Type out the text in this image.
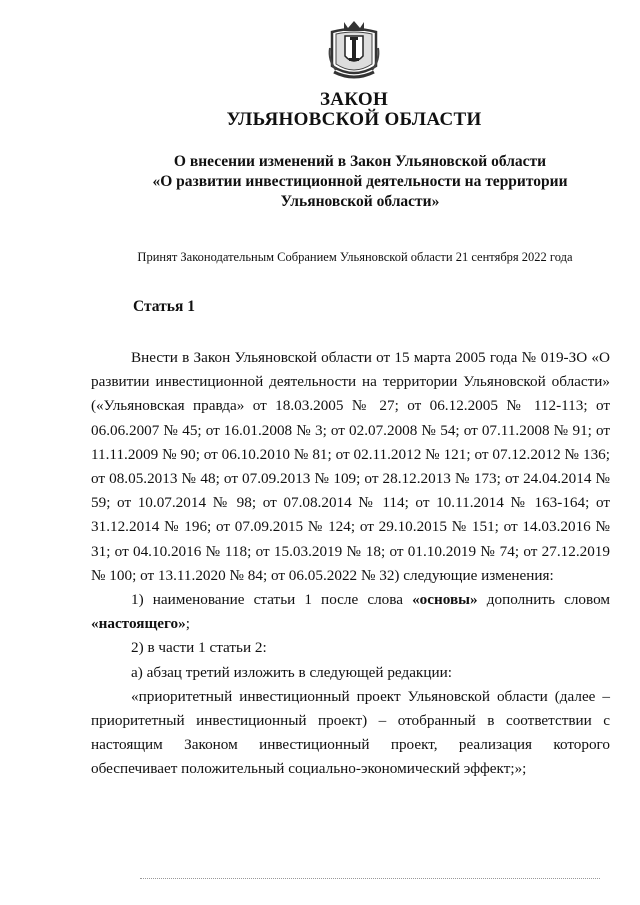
ЗАКОН
УЛЬЯНОВСКОЙ ОБЛАСТИ
О внесении изменений в Закон Ульяновской области
«О развитии инвестиционной деятельности на территории
Ульяновской области»
Принят Законодательным Собранием Ульяновской области 21 сентября 2022 года
Статья 1

Внести в Закон Ульяновской области от 15 марта 2005 года № 019-ЗО «О развитии инвестиционной деятельности на территории Ульяновской области» («Ульяновская правда» от 18.03.2005 № 27; от 06.12.2005 № 112-113; от 06.06.2007 № 45; от 16.01.2008 № 3; от 02.07.2008 № 54; от 07.11.2008 № 91; от 11.11.2009 № 90; от 06.10.2010 № 81; от 02.11.2012 № 121; от 07.12.2012 № 136; от 08.05.2013 № 48; от 07.09.2013 № 109; от 28.12.2013 № 173; от 24.04.2014 № 59; от 10.07.2014 № 98; от 07.08.2014 № 114; от 10.11.2014 № 163-164; от 31.12.2014 № 196; от 07.09.2015 № 124; от 29.10.2015 № 151; от 14.03.2016 № 31; от 04.10.2016 № 118; от 15.03.2019 № 18; от 01.10.2019 № 74; от 27.12.2019 № 100; от 13.11.2020 № 84; от 06.05.2022 № 32) следующие изменения:

1) наименование статьи 1 после слова «основы» дополнить словом «настоящего»;

2) в части 1 статьи 2:

а) абзац третий изложить в следующей редакции:

«приоритетный инвестиционный проект Ульяновской области (далее – приоритетный инвестиционный проект) – отобранный в соответствии с настоящим Законом инвестиционный проект, реализация которого обеспечивает положительный социально-экономический эффект;»;
